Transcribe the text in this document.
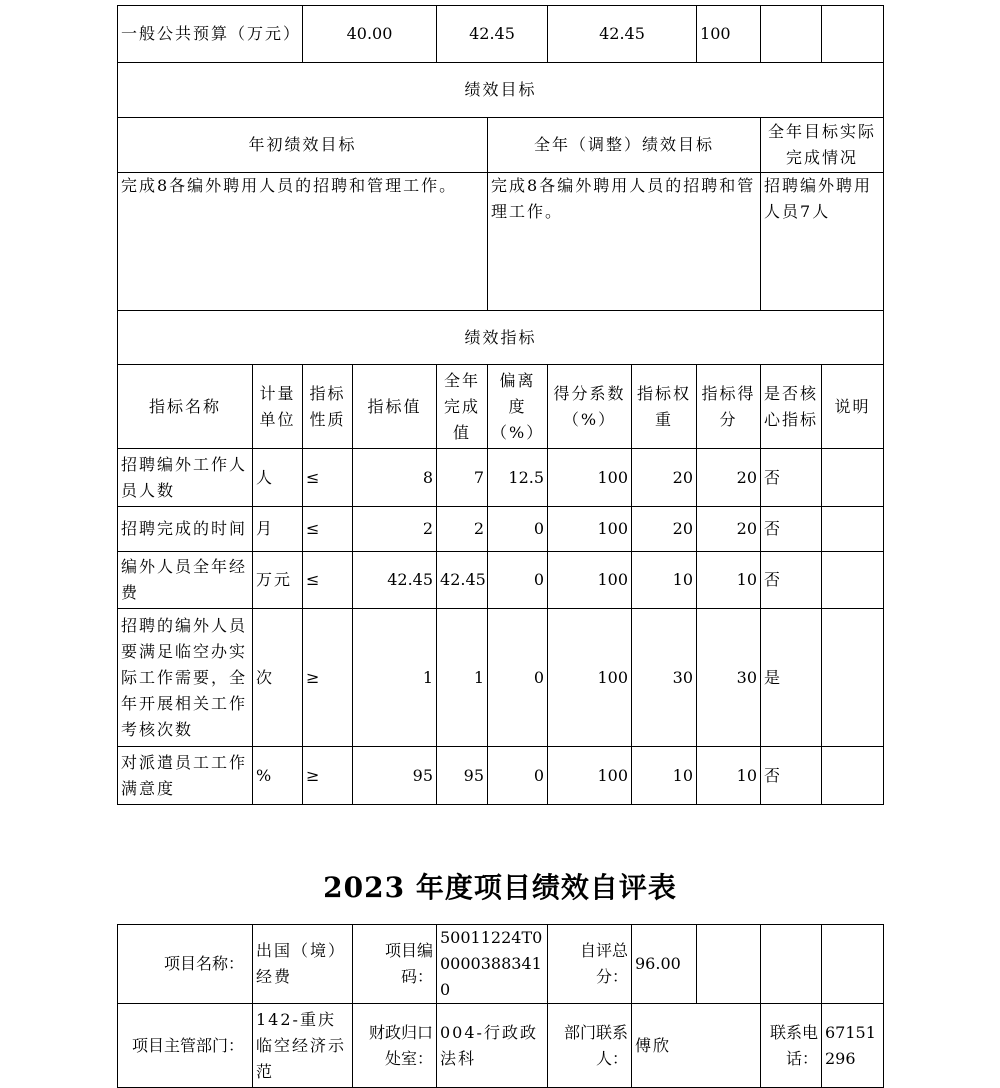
一般公共预算（万元）		40.00		42.45		42.45		100		
绩效目标										
年初绩效目标					全年（调整）绩效目标				全年目标实际完成情况	
完成8各编外聘用人员的招聘和管理工作。					完成8各编外聘用人员的招聘和管理工作。				招聘编外聘用人员7人	
绩效指标										
指标名称	计量单位	指标性质	指标值	全年完成值	偏离度（%）	得分系数（%）	指标权重	指标得分	是否核心指标	说明
招聘编外工作人员人数	人	≤	8	7	12.5	100	20	20	否	
招聘完成的时间	月	≤	2	2	0	100	20	20	否	
编外人员全年经费	万元	≤	42.45	42.45	0	100	10	10	否	
招聘的编外人员要满足临空办实际工作需要，全年开展相关工作考核次数	次	≥	1	1	0	100	30	30	是	
对派遣员工工作满意度	%	≥	95	95	0	100	10	10	否	
2023 年度项目绩效自评表
项目名称：	出国（境）经费	项目编码：	50011224T000003883410	自评总分：	96.00			
项目主管部门：	142-重庆临空经济示范	财政归口处室：	004-行政政法科	部门联系人：	傅欣		联系电话：	67151296
